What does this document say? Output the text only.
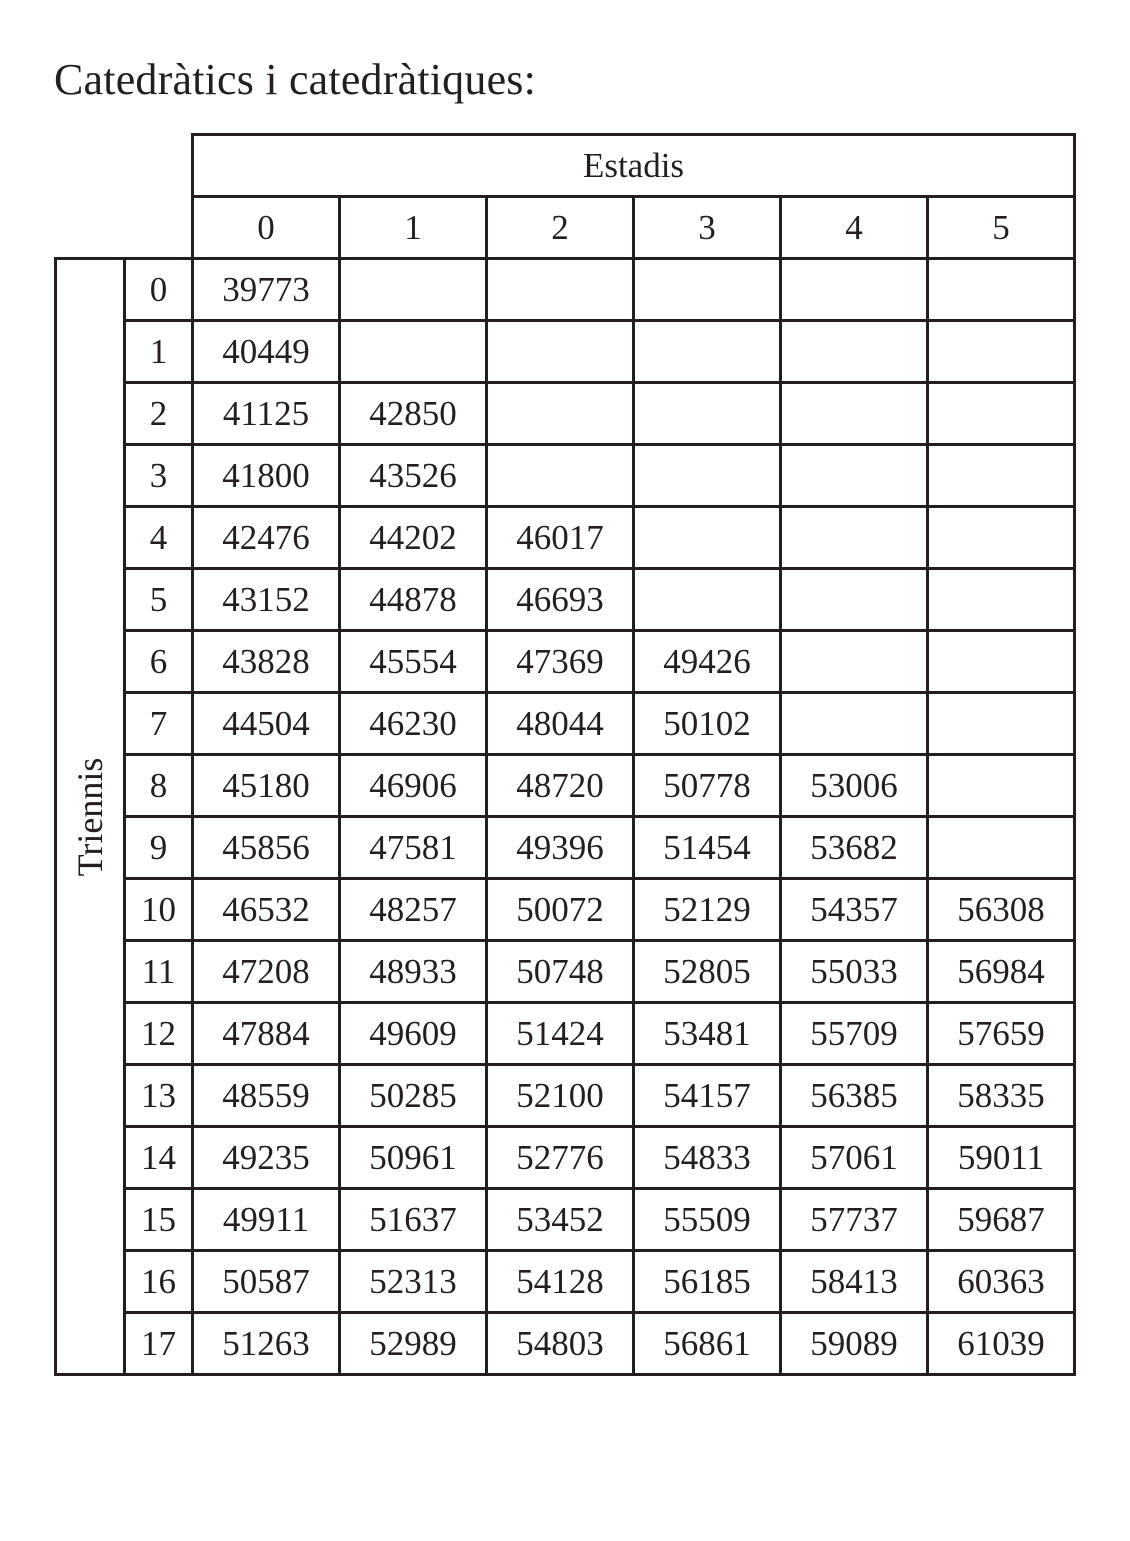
Catedràtics i catedràtiques:
		Estadis					
		0	1	2	3	4	5

Triennis	0	39773					
	1	40449					
	2	41125	42850				
	3	41800	43526				
	4	42476	44202	46017			
	5	43152	44878	46693			
	6	43828	45554	47369	49426		
	7	44504	46230	48044	50102		
	8	45180	46906	48720	50778	53006	
	9	45856	47581	49396	51454	53682	
	10	46532	48257	50072	52129	54357	56308
	11	47208	48933	50748	52805	55033	56984
	12	47884	49609	51424	53481	55709	57659
	13	48559	50285	52100	54157	56385	58335
	14	49235	50961	52776	54833	57061	59011
	15	49911	51637	53452	55509	57737	59687
	16	50587	52313	54128	56185	58413	60363
	17	51263	52989	54803	56861	59089	61039
